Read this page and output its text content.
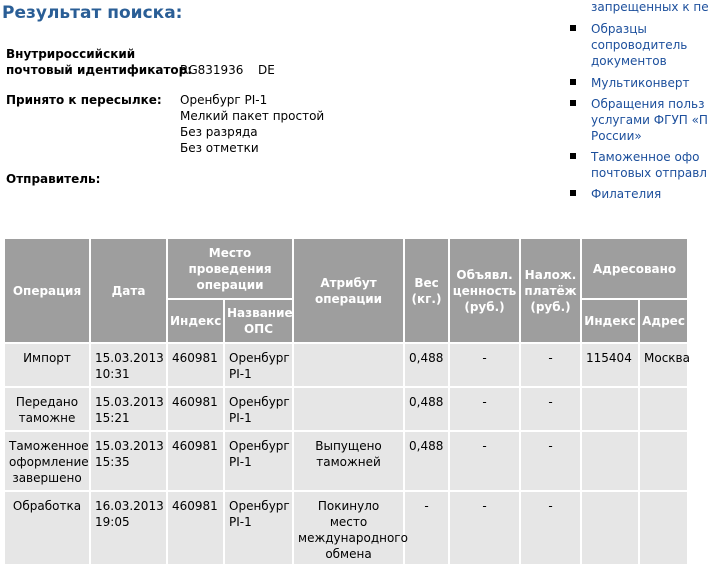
Результат поиска:
Внутрироссийский
почтовый идентификатор:
RG831936 DE
Принято к пересылке: Оренбург PI-1
Мелкий пакет простой
Без разряда
Без отметки
Отправитель:
запрещенных к пе
Образцы
сопроводитель
документов
Мультиконверт
Обращения польз
услугами ФГУП «П
России»
Таможенное офо
почтовых отправл
Филателия
Операция	Дата	Место проведения операции		Атрибут операции	Вес (кг.)	Объявл. ценность (руб.)	Налож. платёж (руб.)	Адресовано	
		Индекс	Название ОПС					Индекс	Адрес
Импорт	15.03.2013 10:31	460981	Оренбург PI-1		0,488	-	-	115404	Москва
Передано таможне	15.03.2013 15:21	460981	Оренбург PI-1		0,488	-	-		
Таможенное оформление завершено	15.03.2013 15:35	460981	Оренбург PI-1	Выпущено таможней	0,488	-	-		
Обработка	16.03.2013 19:05	460981	Оренбург PI-1	Покинуло место международного обмена	-	-	-		
